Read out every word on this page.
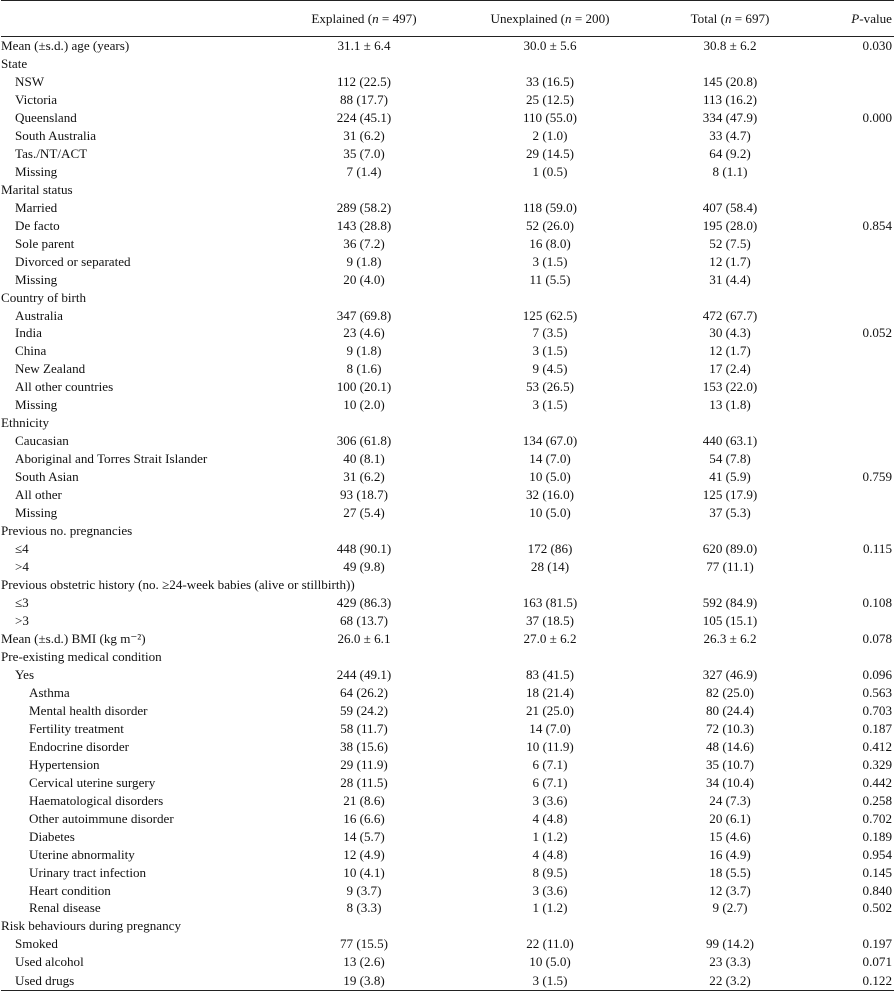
	Explained (n = 497)	Unexplained (n = 200)	Total (n = 697)	P-value
Mean (±s.d.) age (years)	31.1 ± 6.4	30.0 ± 5.6	30.8 ± 6.2	0.030
State				
NSW	112 (22.5)	33 (16.5)	145 (20.8)	
Victoria	88 (17.7)	25 (12.5)	113 (16.2)	
Queensland	224 (45.1)	110 (55.0)	334 (47.9)	0.000
South Australia	31 (6.2)	2 (1.0)	33 (4.7)	
Tas./NT/ACT	35 (7.0)	29 (14.5)	64 (9.2)	
Missing	7 (1.4)	1 (0.5)	8 (1.1)	
Marital status				
Married	289 (58.2)	118 (59.0)	407 (58.4)	
De facto	143 (28.8)	52 (26.0)	195 (28.0)	0.854
Sole parent	36 (7.2)	16 (8.0)	52 (7.5)	
Divorced or separated	9 (1.8)	3 (1.5)	12 (1.7)	
Missing	20 (4.0)	11 (5.5)	31 (4.4)	
Country of birth				
Australia	347 (69.8)	125 (62.5)	472 (67.7)	
India	23 (4.6)	7 (3.5)	30 (4.3)	0.052
China	9 (1.8)	3 (1.5)	12 (1.7)	
New Zealand	8 (1.6)	9 (4.5)	17 (2.4)	
All other countries	100 (20.1)	53 (26.5)	153 (22.0)	
Missing	10 (2.0)	3 (1.5)	13 (1.8)	
Ethnicity				
Caucasian	306 (61.8)	134 (67.0)	440 (63.1)	
Aboriginal and Torres Strait Islander	40 (8.1)	14 (7.0)	54 (7.8)	
South Asian	31 (6.2)	10 (5.0)	41 (5.9)	0.759
All other	93 (18.7)	32 (16.0)	125 (17.9)	
Missing	27 (5.4)	10 (5.0)	37 (5.3)	
Previous no. pregnancies				
≤4	448 (90.1)	172 (86)	620 (89.0)	0.115
>4	49 (9.8)	28 (14)	77 (11.1)	
Previous obstetric history (no. ≥24-week babies (alive or stillbirth))				
≤3	429 (86.3)	163 (81.5)	592 (84.9)	0.108
>3	68 (13.7)	37 (18.5)	105 (15.1)	
Mean (±s.d.) BMI (kg m⁻²)	26.0 ± 6.1	27.0 ± 6.2	26.3 ± 6.2	0.078
Pre-existing medical condition				
Yes	244 (49.1)	83 (41.5)	327 (46.9)	0.096
Asthma	64 (26.2)	18 (21.4)	82 (25.0)	0.563
Mental health disorder	59 (24.2)	21 (25.0)	80 (24.4)	0.703
Fertility treatment	58 (11.7)	14 (7.0)	72 (10.3)	0.187
Endocrine disorder	38 (15.6)	10 (11.9)	48 (14.6)	0.412
Hypertension	29 (11.9)	6 (7.1)	35 (10.7)	0.329
Cervical uterine surgery	28 (11.5)	6 (7.1)	34 (10.4)	0.442
Haematological disorders	21 (8.6)	3 (3.6)	24 (7.3)	0.258
Other autoimmune disorder	16 (6.6)	4 (4.8)	20 (6.1)	0.702
Diabetes	14 (5.7)	1 (1.2)	15 (4.6)	0.189
Uterine abnormality	12 (4.9)	4 (4.8)	16 (4.9)	0.954
Urinary tract infection	10 (4.1)	8 (9.5)	18 (5.5)	0.145
Heart condition	9 (3.7)	3 (3.6)	12 (3.7)	0.840
Renal disease	8 (3.3)	1 (1.2)	9 (2.7)	0.502
Risk behaviours during pregnancy				
Smoked	77 (15.5)	22 (11.0)	99 (14.2)	0.197
Used alcohol	13 (2.6)	10 (5.0)	23 (3.3)	0.071
Used drugs	19 (3.8)	3 (1.5)	22 (3.2)	0.122
